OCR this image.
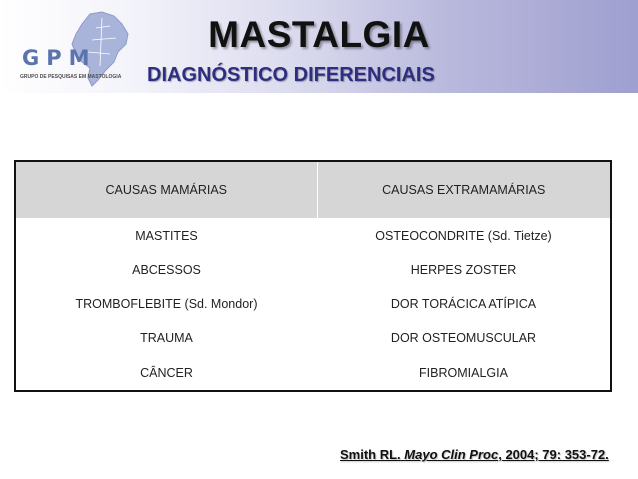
GPM
GRUPO DE PESQUISAS EM MASTOLOGIA
MASTALGIA
DIAGNÓSTICO DIFERENCIAIS
CAUSAS MAMÁRIAS	CAUSAS EXTRAMAMÁRIAS
MASTITES	OSTEOCONDRITE (Sd. Tietze)
ABCESSOS	HERPES ZOSTER
TROMBOFLEBITE (Sd. Mondor)	DOR TORÁCICA ATÍPICA
TRAUMA	DOR OSTEOMUSCULAR
CÂNCER	FIBROMIALGIA
Smith RL. Mayo Clin Proc, 2004; 79: 353-72.
